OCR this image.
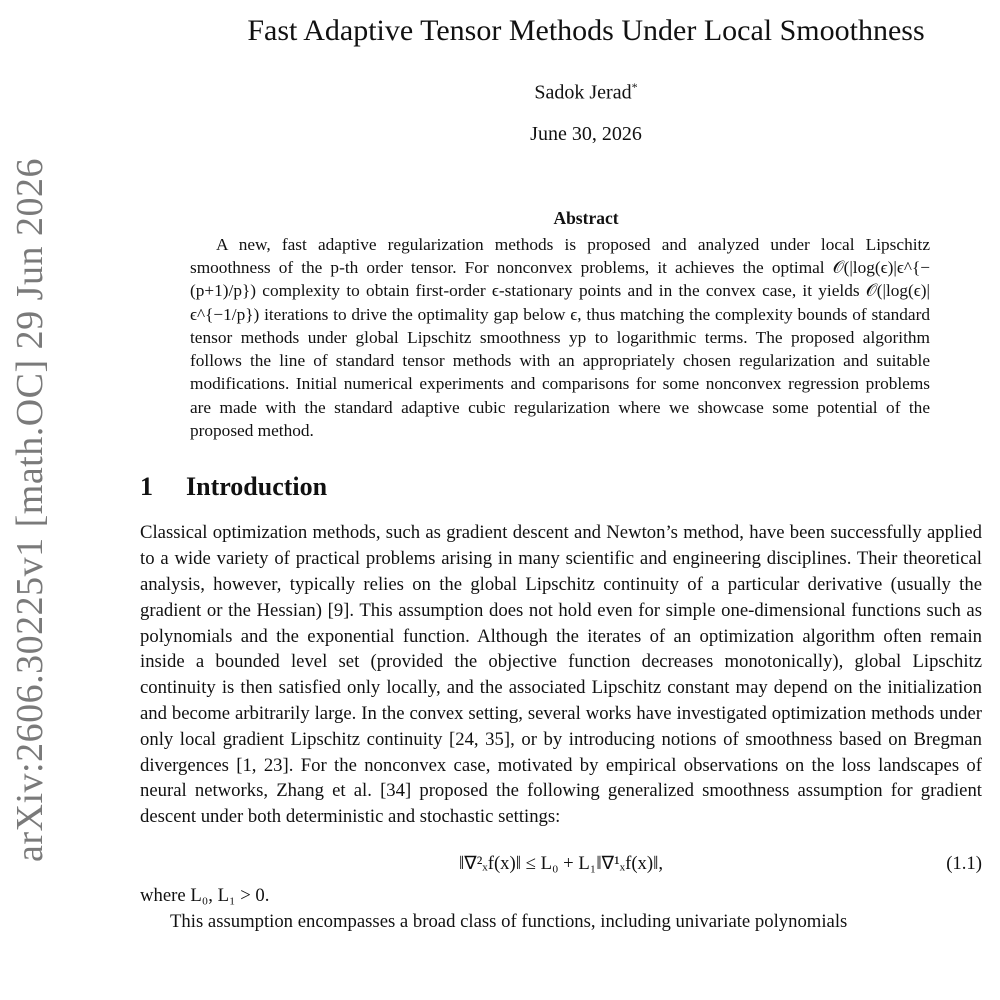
arXiv:2606.30225v1 [math.OC] 29 Jun 2026
Fast Adaptive Tensor Methods Under Local Smoothness
Sadok Jerad*
June 30, 2026
Abstract

A new, fast adaptive regularization methods is proposed and analyzed under local Lipschitz smoothness of the p-th order tensor. For nonconvex problems, it achieves the optimal 𝒪(|log(ϵ)|ϵ^{−(p+1)/p}) complexity to obtain first-order ϵ-stationary points and in the convex case, it yields 𝒪(|log(ϵ)|ϵ^{−1/p}) iterations to drive the optimality gap below ϵ, thus matching the complexity bounds of standard tensor methods under global Lipschitz smoothness yp to logarithmic terms. The proposed algorithm follows the line of standard tensor methods with an appropriately chosen regularization and suitable modifications. Initial numerical experiments and comparisons for some nonconvex regression problems are made with the standard adaptive cubic regularization where we showcase some potential of the proposed method.

1 Introduction

Classical optimization methods, such as gradient descent and Newton’s method, have been successfully applied to a wide variety of practical problems arising in many scientific and engineering disciplines. Their theoretical analysis, however, typically relies on the global Lipschitz continuity of a particular derivative (usually the gradient or the Hessian) [9]. This assumption does not hold even for simple one-dimensional functions such as polynomials and the exponential function. Although the iterates of an optimization algorithm often remain inside a bounded level set (provided the objective function decreases monotonically), global Lipschitz continuity is then satisfied only locally, and the associated Lipschitz constant may depend on the initialization and become arbitrarily large. In the convex setting, several works have investigated optimization methods under only local gradient Lipschitz continuity [24, 35], or by introducing notions of smoothness based on Bregman divergences [1, 23]. For the nonconvex case, motivated by empirical observations on the loss landscapes of neural networks, Zhang et al. [34] proposed the following generalized smoothness assumption for gradient descent under both deterministic and stochastic settings:

‖∇²ₓf(x)‖ ≤ L₀ + L₁‖∇¹ₓf(x)‖,	(1.1)
where L₀, L₁ > 0.
This assumption encompasses a broad class of functions, including univariate polynomials
